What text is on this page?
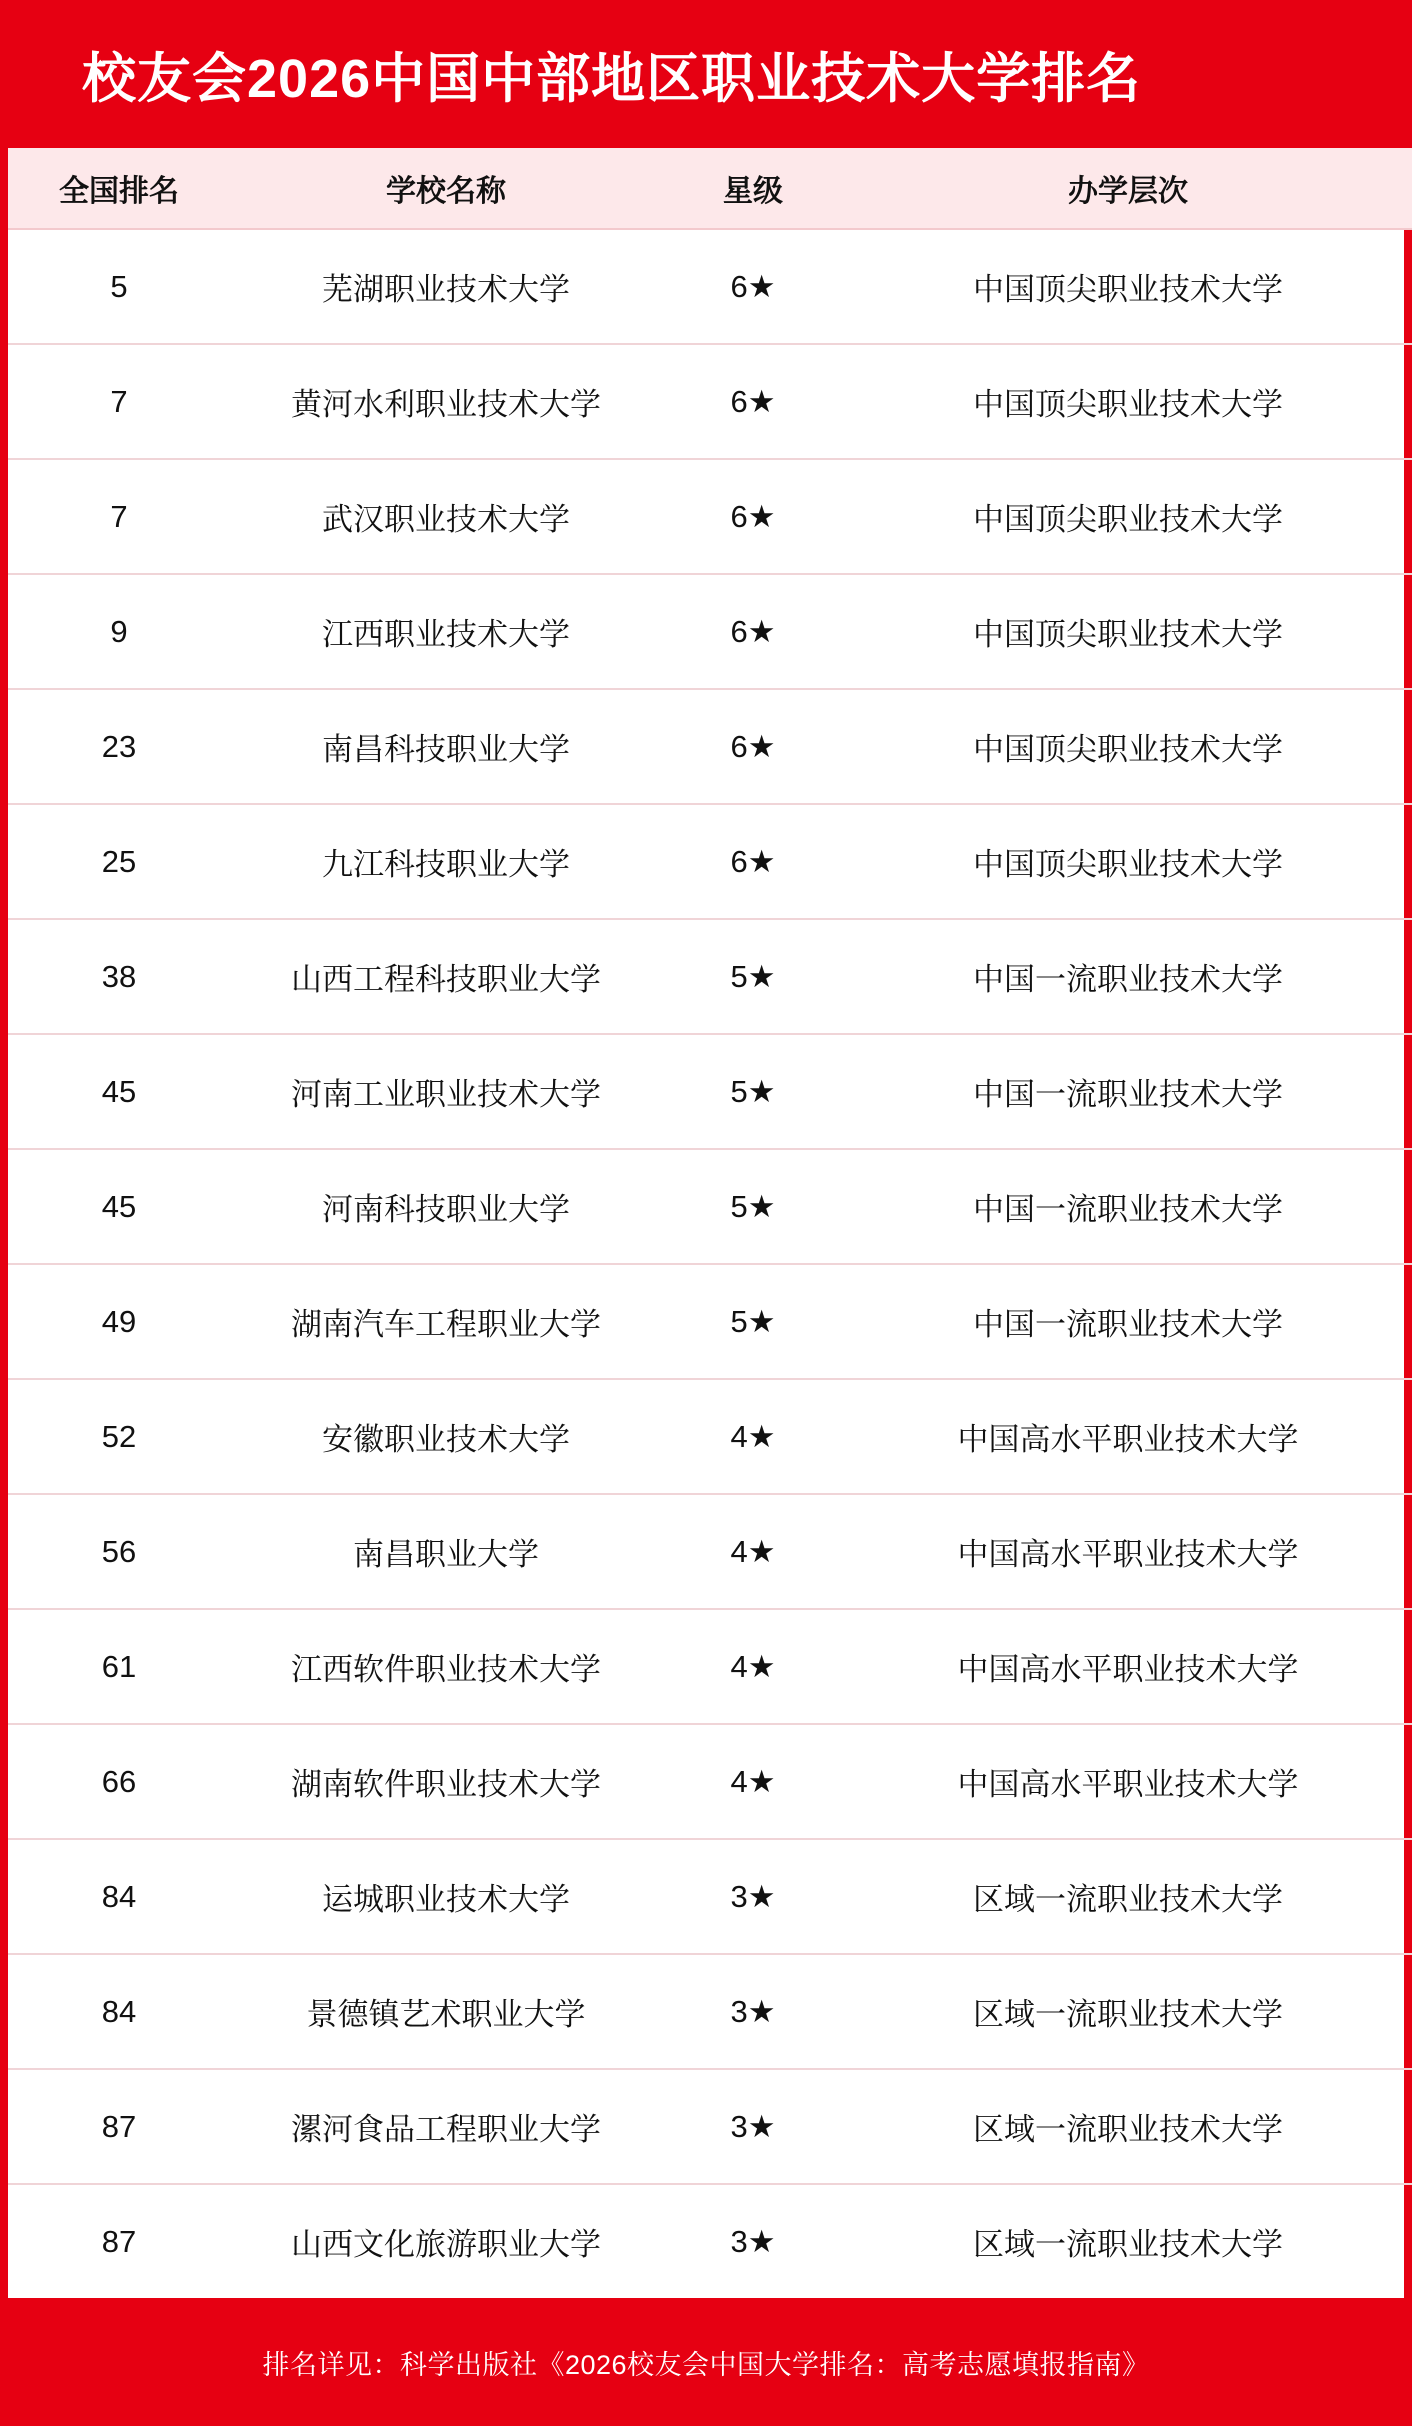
校友会2026中国中部地区职业技术大学排名
全国排名	学校名称	星级	办学层次
5	芜湖职业技术大学	6★	中国顶尖职业技术大学
7	黄河水利职业技术大学	6★	中国顶尖职业技术大学
7	武汉职业技术大学	6★	中国顶尖职业技术大学
9	江西职业技术大学	6★	中国顶尖职业技术大学
23	南昌科技职业大学	6★	中国顶尖职业技术大学
25	九江科技职业大学	6★	中国顶尖职业技术大学
38	山西工程科技职业大学	5★	中国一流职业技术大学
45	河南工业职业技术大学	5★	中国一流职业技术大学
45	河南科技职业大学	5★	中国一流职业技术大学
49	湖南汽车工程职业大学	5★	中国一流职业技术大学
52	安徽职业技术大学	4★	中国高水平职业技术大学
56	南昌职业大学	4★	中国高水平职业技术大学
61	江西软件职业技术大学	4★	中国高水平职业技术大学
66	湖南软件职业技术大学	4★	中国高水平职业技术大学
84	运城职业技术大学	3★	区域一流职业技术大学
84	景德镇艺术职业大学	3★	区域一流职业技术大学
87	漯河食品工程职业大学	3★	区域一流职业技术大学
87	山西文化旅游职业大学	3★	区域一流职业技术大学
排名详见：科学出版社《2026校友会中国大学排名：高考志愿填报指南》
